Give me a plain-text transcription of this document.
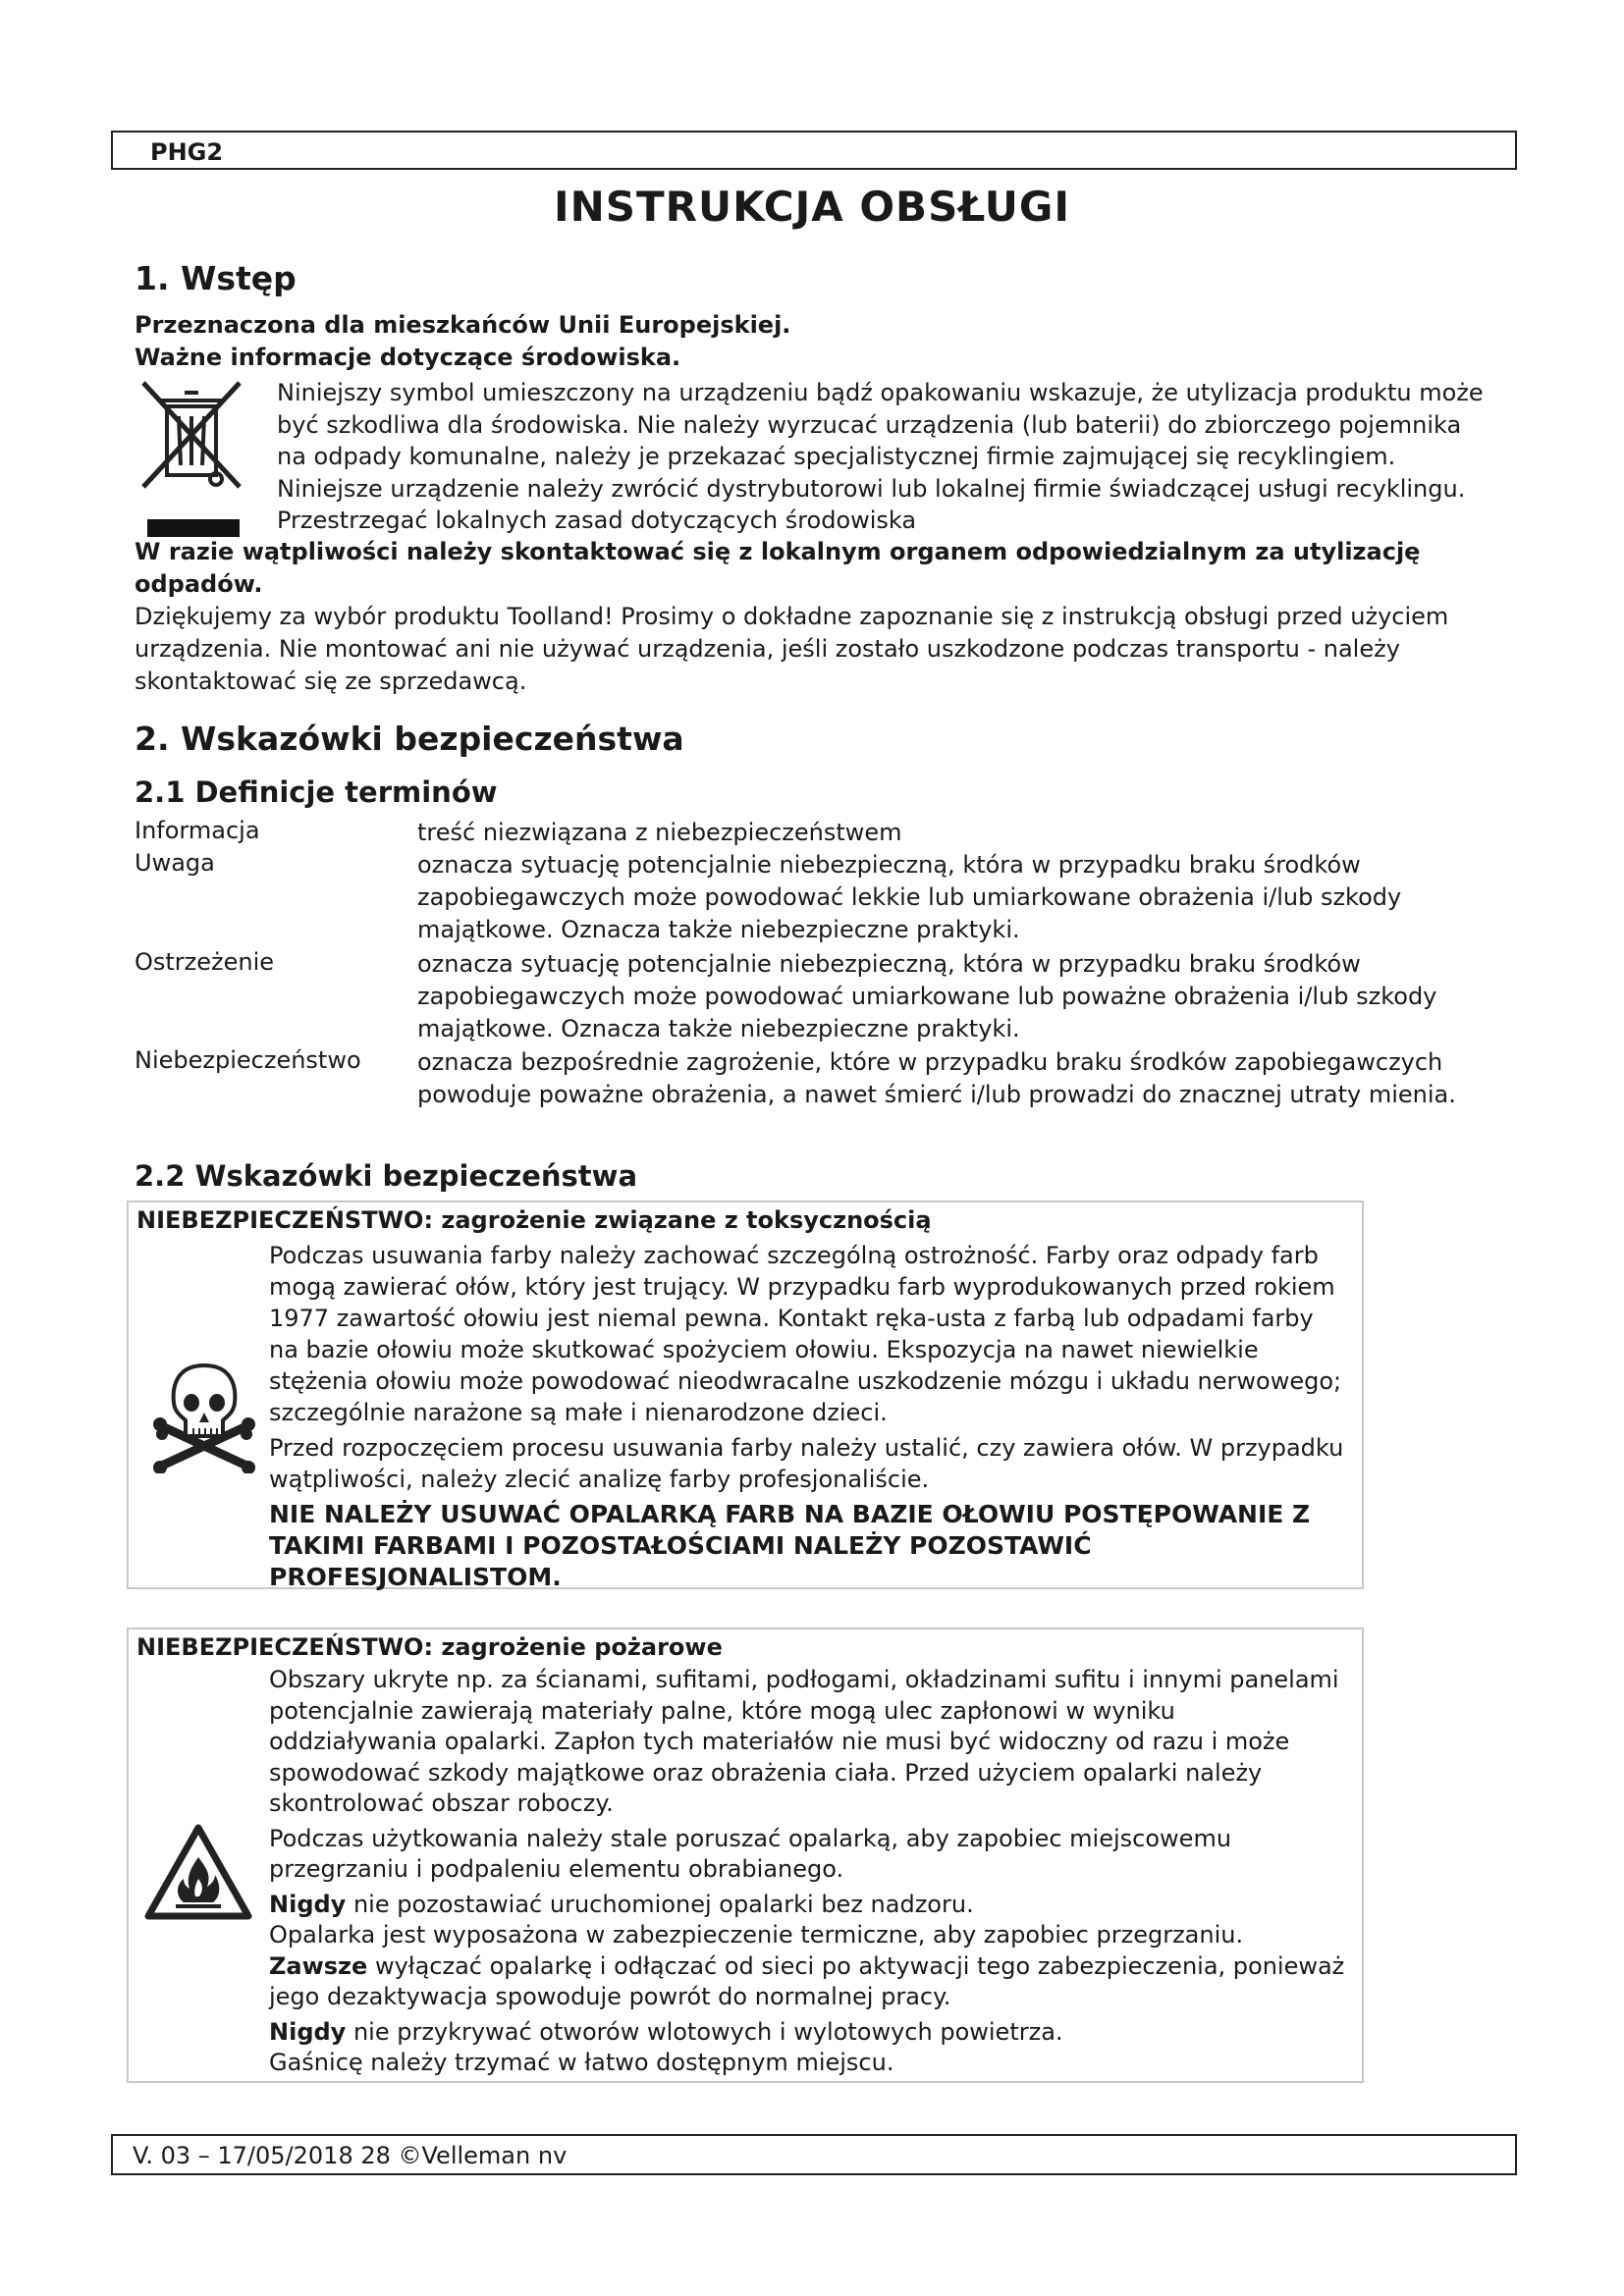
PHG2
INSTRUKCJA OBSŁUGI
1. Wstęp
Przeznaczona dla mieszkańców Unii Europejskiej.
Ważne informacje dotyczące środowiska.
Niniejszy symbol umieszczony na urządzeniu bądź opakowaniu wskazuje, że utylizacja produktu może być szkodliwa dla środowiska. Nie należy wyrzucać urządzenia (lub baterii) do zbiorczego pojemnika na odpady komunalne, należy je przekazać specjalistycznej firmie zajmującej się recyklingiem. Niniejsze urządzenie należy zwrócić dystrybutorowi lub lokalnej firmie świadczącej usługi recyklingu. Przestrzegać lokalnych zasad dotyczących środowiska
W razie wątpliwości należy skontaktować się z lokalnym organem odpowiedzialnym za utylizację odpadów.
Dziękujemy za wybór produktu Toolland! Prosimy o dokładne zapoznanie się z instrukcją obsługi przed użyciem urządzenia. Nie montować ani nie używać urządzenia, jeśli zostało uszkodzone podczas transportu - należy skontaktować się ze sprzedawcą.
2. Wskazówki bezpieczeństwa
2.1 Definicje terminów
Informacja	treść niezwiązana z niebezpieczeństwem
Uwaga	oznacza sytuację potencjalnie niebezpieczną, która w przypadku braku środków zapobiegawczych może powodować lekkie lub umiarkowane obrażenia i/lub szkody majątkowe. Oznacza także niebezpieczne praktyki.
Ostrzeżenie	oznacza sytuację potencjalnie niebezpieczną, która w przypadku braku środków zapobiegawczych może powodować umiarkowane lub poważne obrażenia i/lub szkody majątkowe. Oznacza także niebezpieczne praktyki.
Niebezpieczeństwo oznacza bezpośrednie zagrożenie, które w przypadku braku środków zapobiegawczych powoduje poważne obrażenia, a nawet śmierć i/lub prowadzi do znacznej utraty mienia.
2.2 Wskazówki bezpieczeństwa
NIEBEZPIECZEŃSTWO: zagrożenie związane z toksycznością

Podczas usuwania farby należy zachować szczególną ostrożność. Farby oraz odpady farb mogą zawierać ołów, który jest trujący. W przypadku farb wyprodukowanych przed rokiem 1977 zawartość ołowiu jest niemal pewna. Kontakt ręka-usta z farbą lub odpadami farby na bazie ołowiu może skutkować spożyciem ołowiu. Ekspozycja na nawet niewielkie stężenia ołowiu może powodować nieodwracalne uszkodzenie mózgu i układu nerwowego; szczególnie narażone są małe i nienarodzone dzieci.

Przed rozpoczęciem procesu usuwania farby należy ustalić, czy zawiera ołów. W przypadku wątpliwości, należy zlecić analizę farby profesjonaliście.

NIE NALEŻY USUWAĆ OPALARKĄ FARB NA BAZIE OŁOWIU POSTĘPOWANIE Z TAKIMI FARBAMI I POZOSTAŁOŚCIAMI NALEŻY POZOSTAWIĆ PROFESJONALISTOM.

NIEBEZPIECZEŃSTWO: zagrożenie pożarowe

Obszary ukryte np. za ścianami, sufitami, podłogami, okładzinami sufitu i innymi panelami potencjalnie zawierają materiały palne, które mogą ulec zapłonowi w wyniku oddziaływania opalarki. Zapłon tych materiałów nie musi być widoczny od razu i może spowodować szkody majątkowe oraz obrażenia ciała. Przed użyciem opalarki należy skontrolować obszar roboczy.

Podczas użytkowania należy stale poruszać opalarką, aby zapobiec miejscowemu przegrzaniu i podpaleniu elementu obrabianego.

Nigdy nie pozostawiać uruchomionej opalarki bez nadzoru.

Opalarka jest wyposażona w zabezpieczenie termiczne, aby zapobiec przegrzaniu.

Zawsze wyłączać opalarkę i odłączać od sieci po aktywacji tego zabezpieczenia, ponieważ jego dezaktywacja spowoduje powrót do normalnej pracy.

Nigdy nie przykrywać otworów wlotowych i wylotowych powietrza.

Gaśnicę należy trzymać w łatwo dostępnym miejscu.

V. 03 – 17/05/2018 28 ©Velleman nv
